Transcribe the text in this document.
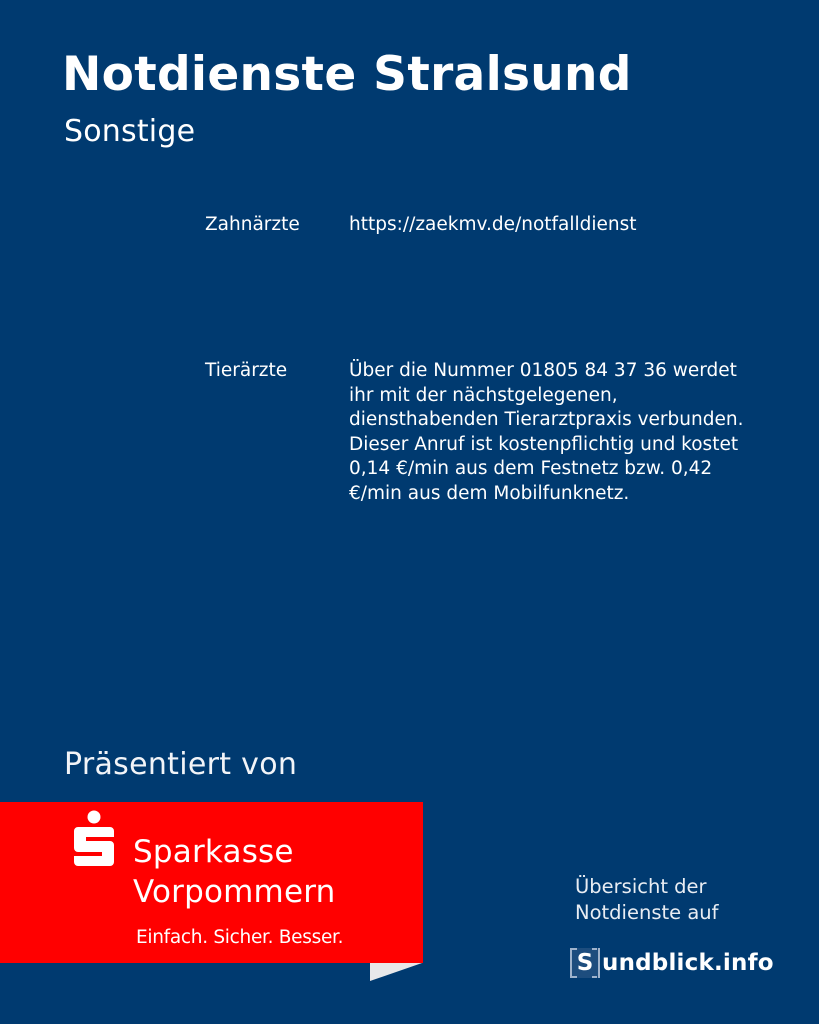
Notdienste Stralsund
Sonstige
Zahnärzte	https://zaekmv.de/notfalldienst
Tierärzte	Über die Nummer 01805 84 37 36 werdet ihr mit der nächstgelegenen, diensthabenden Tierarztpraxis verbunden. Dieser Anruf ist kostenpflichtig und kostet 0,14 €/min aus dem Festnetz bzw. 0,42 €/min aus dem Mobilfunknetz.
Präsentiert von
Sparkasse
Vorpommern
Einfach. Sicher. Besser.
Übersicht der
Notdienste auf
S undblick.info
